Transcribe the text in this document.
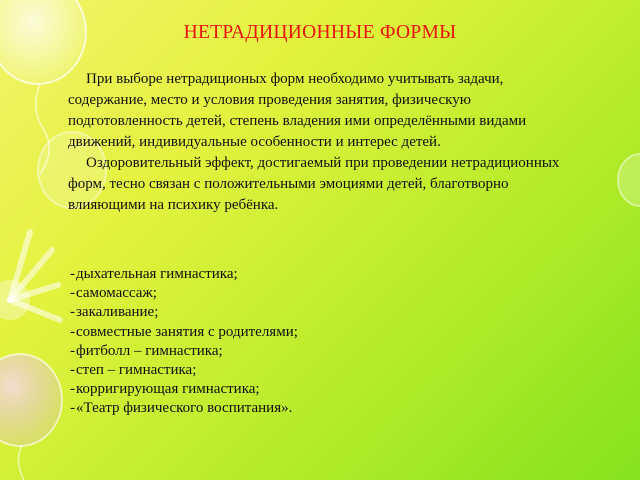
НЕТРАДИЦИОННЫЕ ФОРМЫ

При выборе нетрадиционых форм необходимо учитывать задачи, содержание, место и условия проведения занятия, физическую подготовленность детей, степень владения ими определёнными видами движений, индивидуальные особенности и интерес детей.

Оздоровительный эффект, достигаемый при проведении нетрадиционных форм, тесно связан с положительными эмоциями детей, благотворно влияющими на психику ребёнка.

- дыхательная гимнастика;
- самомассаж;
- закаливание;
- совместные занятия с родителями;
- фитболл – гимнастика;
- степ – гимнастика;
- корригирующая гимнастика;
- «Театр физического воспитания».
